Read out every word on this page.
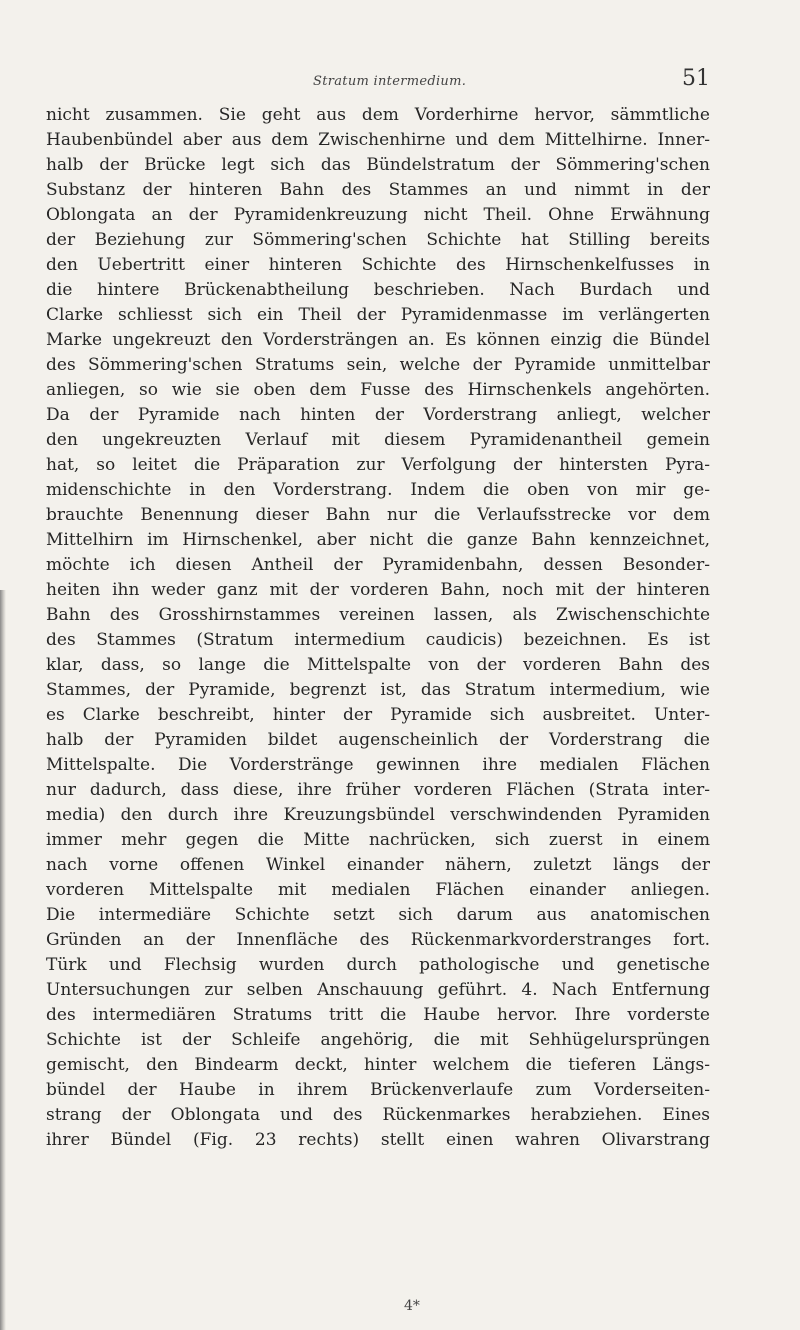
Stratum intermedium.	51
nicht zusammen. Sie geht aus dem Vorderhirne hervor, sämmtliche
Haubenbündel aber aus dem Zwischenhirne und dem Mittelhirne. Inner-
halb der Brücke legt sich das Bündelstratum der Sömmering'schen
Substanz der hinteren Bahn des Stammes an und nimmt in der
Oblongata an der Pyramidenkreuzung nicht Theil. Ohne Erwähnung
der Beziehung zur Sömmering'schen Schichte hat Stilling bereits
den Uebertritt einer hinteren Schichte des Hirnschenkelfusses in
die hintere Brückenabtheilung beschrieben. Nach Burdach und
Clarke schliesst sich ein Theil der Pyramidenmasse im verlängerten
Marke ungekreuzt den Vordersträngen an. Es können einzig die Bündel
des Sömmering'schen Stratums sein, welche der Pyramide unmittelbar
anliegen, so wie sie oben dem Fusse des Hirnschenkels angehörten.
Da der Pyramide nach hinten der Vorderstrang anliegt, welcher
den ungekreuzten Verlauf mit diesem Pyramidenantheil gemein
hat, so leitet die Präparation zur Verfolgung der hintersten Pyra-
midenschichte in den Vorderstrang. Indem die oben von mir ge-
brauchte Benennung dieser Bahn nur die Verlaufsstrecke vor dem
Mittelhirn im Hirnschenkel, aber nicht die ganze Bahn kennzeichnet,
möchte ich diesen Antheil der Pyramidenbahn, dessen Besonder-
heiten ihn weder ganz mit der vorderen Bahn, noch mit der hinteren
Bahn des Grosshirnstammes vereinen lassen, als Zwischenschichte
des Stammes (Stratum intermedium caudicis) bezeichnen. Es ist
klar, dass, so lange die Mittelspalte von der vorderen Bahn des
Stammes, der Pyramide, begrenzt ist, das Stratum intermedium, wie
es Clarke beschreibt, hinter der Pyramide sich ausbreitet. Unter-
halb der Pyramiden bildet augenscheinlich der Vorderstrang die
Mittelspalte. Die Vorderstränge gewinnen ihre medialen Flächen
nur dadurch, dass diese, ihre früher vorderen Flächen (Strata inter-
media) den durch ihre Kreuzungsbündel verschwindenden Pyramiden
immer mehr gegen die Mitte nachrücken, sich zuerst in einem
nach vorne offenen Winkel einander nähern, zuletzt längs der
vorderen Mittelspalte mit medialen Flächen einander anliegen.
Die intermediäre Schichte setzt sich darum aus anatomischen
Gründen an der Innenfläche des Rückenmarkvorderstranges fort.
Türk und Flechsig wurden durch pathologische und genetische
Untersuchungen zur selben Anschauung geführt. 4. Nach Entfernung
des intermediären Stratums tritt die Haube hervor. Ihre vorderste
Schichte ist der Schleife angehörig, die mit Sehhügelursprüngen
gemischt, den Bindearm deckt, hinter welchem die tieferen Längs-
bündel der Haube in ihrem Brückenverlaufe zum Vorderseiten-
strang der Oblongata und des Rückenmarkes herabziehen. Eines
ihrer Bündel (Fig. 23 rechts) stellt einen wahren Olivarstrang
4*
